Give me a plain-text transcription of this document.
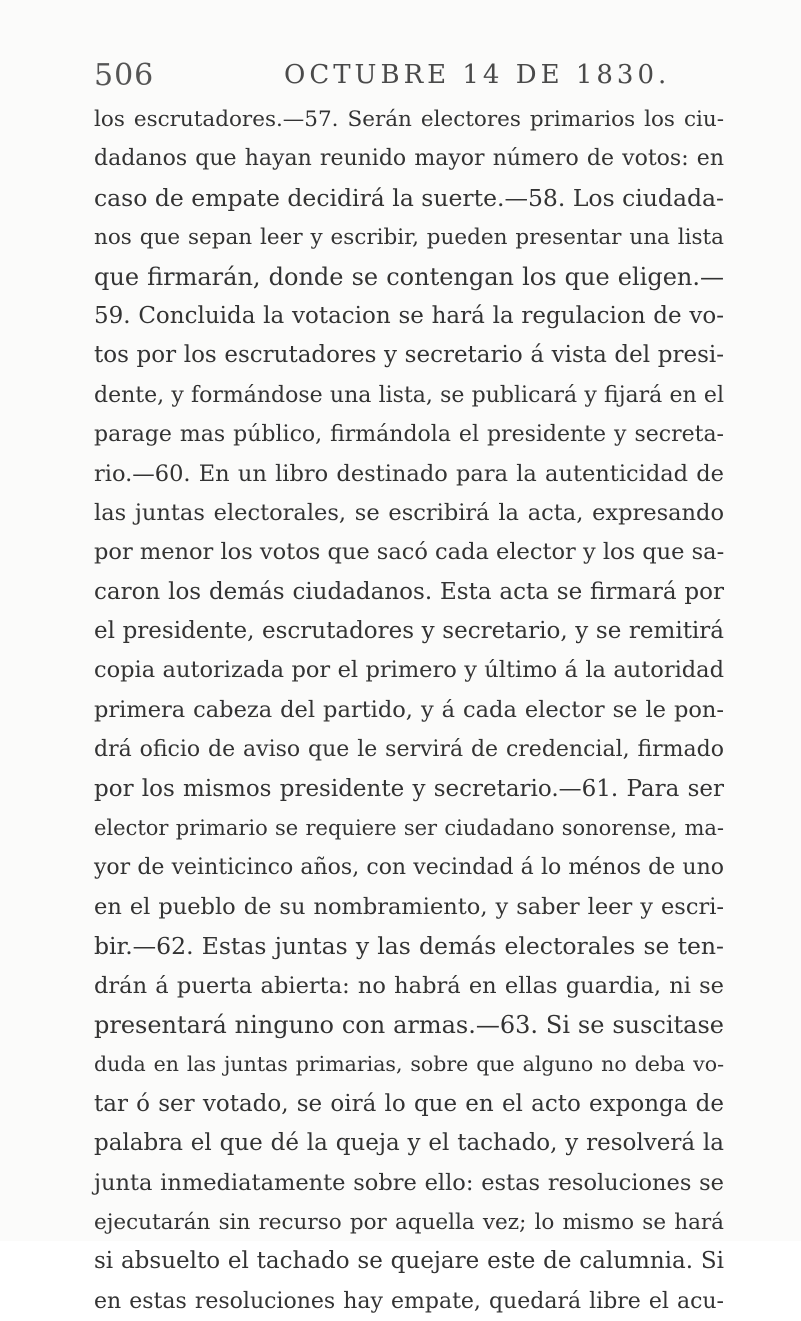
506	OCTUBRE 14 DE 1830.
los escrutadores.—57. Serán electores primarios los ciu-
dadanos que hayan reunido mayor número de votos: en
caso de empate decidirá la suerte.—58. Los ciudada-
nos que sepan leer y escribir, pueden presentar una lista
que firmarán, donde se contengan los que eligen.—
59. Concluida la votacion se hará la regulacion de vo-
tos por los escrutadores y secretario á vista del presi-
dente, y formándose una lista, se publicará y fijará en el
parage mas público, firmándola el presidente y secreta-
rio.—60. En un libro destinado para la autenticidad de
las juntas electorales, se escribirá la acta, expresando
por menor los votos que sacó cada elector y los que sa-
caron los demás ciudadanos. Esta acta se firmará por
el presidente, escrutadores y secretario, y se remitirá
copia autorizada por el primero y último á la autoridad
primera cabeza del partido, y á cada elector se le pon-
drá oficio de aviso que le servirá de credencial, firmado
por los mismos presidente y secretario.—61. Para ser
elector primario se requiere ser ciudadano sonorense, ma-
yor de veinticinco años, con vecindad á lo ménos de uno
en el pueblo de su nombramiento, y saber leer y escri-
bir.—62. Estas juntas y las demás electorales se ten-
drán á puerta abierta: no habrá en ellas guardia, ni se
presentará ninguno con armas.—63. Si se suscitase
duda en las juntas primarias, sobre que alguno no deba vo-
tar ó ser votado, se oirá lo que en el acto exponga de
palabra el que dé la queja y el tachado, y resolverá la
junta inmediatamente sobre ello: estas resoluciones se
ejecutarán sin recurso por aquella vez; lo mismo se hará
si absuelto el tachado se quejare este de calumnia. Si
en estas resoluciones hay empate, quedará libre el acu-
